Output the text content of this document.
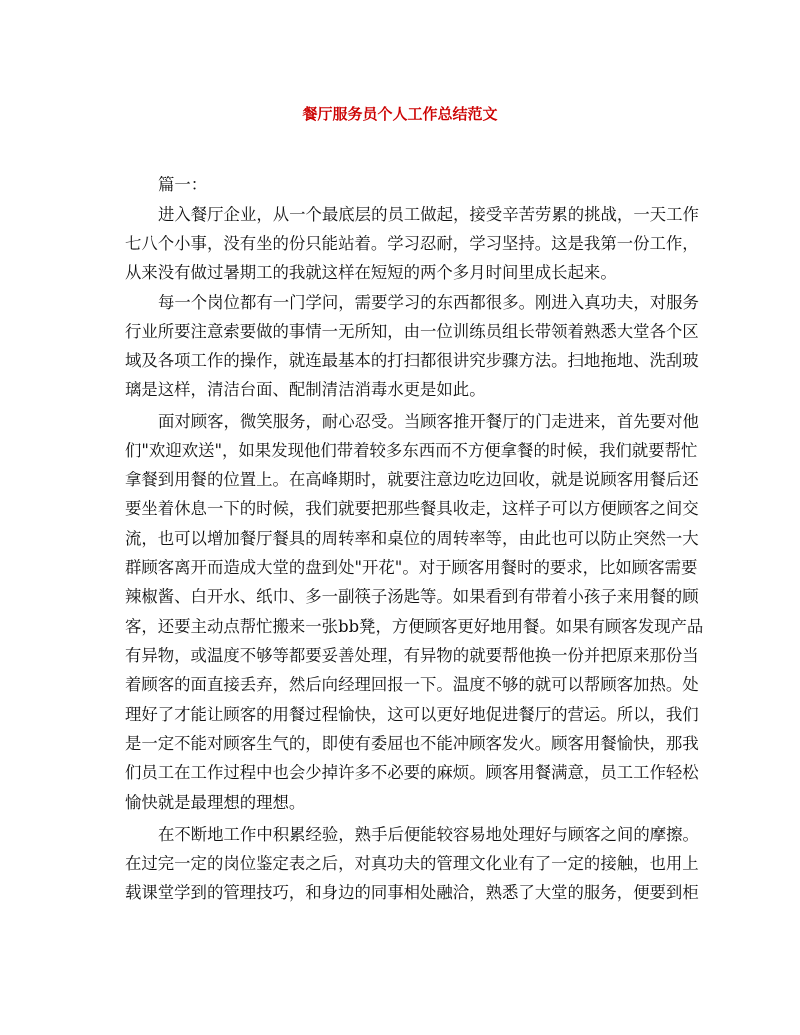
餐厅服务员个人工作总结范文

篇一：

进入餐厅企业，从一个最底层的员工做起，接受辛苦劳累的挑战，一天工作

七八个小事，没有坐的份只能站着。学习忍耐，学习坚持。这是我第一份工作，

从来没有做过暑期工的我就这样在短短的两个多月时间里成长起来。

每一个岗位都有一门学问，需要学习的东西都很多。刚进入真功夫，对服务

行业所要注意索要做的事情一无所知，由一位训练员组长带领着熟悉大堂各个区

域及各项工作的操作，就连最基本的打扫都很讲究步骤方法。扫地拖地、洗刮玻

璃是这样，清洁台面、配制清洁消毒水更是如此。

面对顾客，微笑服务，耐心忍受。当顾客推开餐厅的门走进来，首先要对他

们"欢迎欢送"，如果发现他们带着较多东西而不方便拿餐的时候，我们就要帮忙

拿餐到用餐的位置上。在高峰期时，就要注意边吃边回收，就是说顾客用餐后还

要坐着休息一下的时候，我们就要把那些餐具收走，这样子可以方便顾客之间交

流，也可以增加餐厅餐具的周转率和桌位的周转率等，由此也可以防止突然一大

群顾客离开而造成大堂的盘到处"开花"。对于顾客用餐时的要求，比如顾客需要

辣椒酱、白开水、纸巾、多一副筷子汤匙等。如果看到有带着小孩子来用餐的顾

客，还要主动点帮忙搬来一张bb凳，方便顾客更好地用餐。如果有顾客发现产品

有异物，或温度不够等都要妥善处理，有异物的就要帮他换一份并把原来那份当

着顾客的面直接丢弃，然后向经理回报一下。温度不够的就可以帮顾客加热。处

理好了才能让顾客的用餐过程愉快，这可以更好地促进餐厅的营运。所以，我们

是一定不能对顾客生气的，即使有委屈也不能冲顾客发火。顾客用餐愉快，那我

们员工在工作过程中也会少掉许多不必要的麻烦。顾客用餐满意，员工工作轻松

愉快就是最理想的理想。

在不断地工作中积累经验，熟手后便能较容易地处理好与顾客之间的摩擦。

在过完一定的岗位鉴定表之后，对真功夫的管理文化业有了一定的接触，也用上

载课堂学到的管理技巧，和身边的同事相处融洽，熟悉了大堂的服务，便要到柜
